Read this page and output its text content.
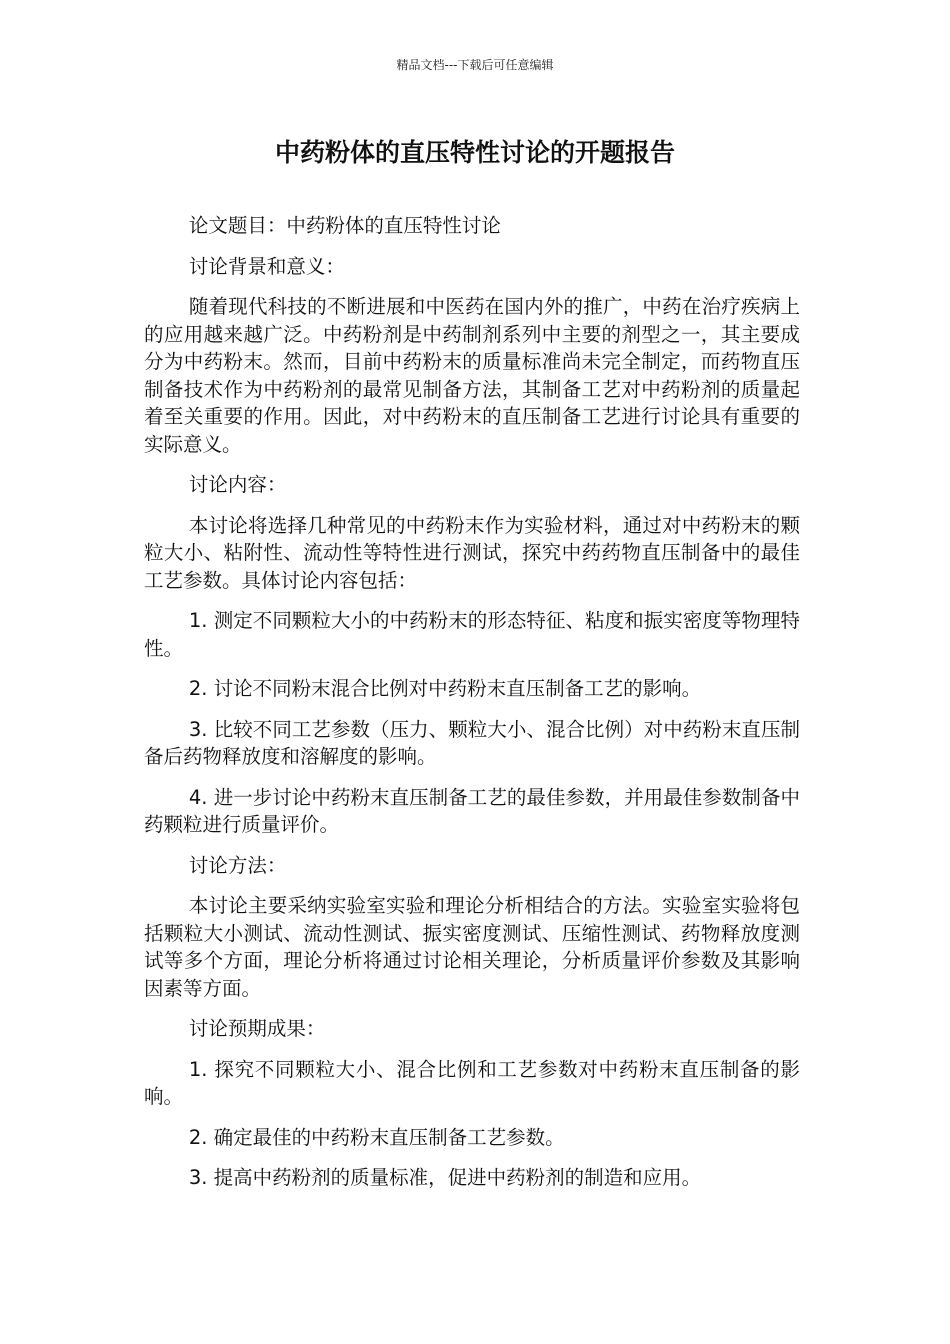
精品文档---下载后可任意编辑
中药粉体的直压特性讨论的开题报告

论文题目：中药粉体的直压特性讨论

讨论背景和意义：

随着现代科技的不断进展和中医药在国内外的推广，中药在治疗疾病上的应用越来越广泛。中药粉剂是中药制剂系列中主要的剂型之一，其主要成分为中药粉末。然而，目前中药粉末的质量标准尚未完全制定，而药物直压制备技术作为中药粉剂的最常见制备方法，其制备工艺对中药粉剂的质量起着至关重要的作用。因此，对中药粉末的直压制备工艺进行讨论具有重要的实际意义。

讨论内容：

本讨论将选择几种常见的中药粉末作为实验材料，通过对中药粉末的颗粒大小、粘附性、流动性等特性进行测试，探究中药药物直压制备中的最佳工艺参数。具体讨论内容包括：

1. 测定不同颗粒大小的中药粉末的形态特征、粘度和振实密度等物理特性。

2. 讨论不同粉末混合比例对中药粉末直压制备工艺的影响。

3. 比较不同工艺参数（压力、颗粒大小、混合比例）对中药粉末直压制备后药物释放度和溶解度的影响。

4. 进一步讨论中药粉末直压制备工艺的最佳参数，并用最佳参数制备中药颗粒进行质量评价。

讨论方法：

本讨论主要采纳实验室实验和理论分析相结合的方法。实验室实验将包括颗粒大小测试、流动性测试、振实密度测试、压缩性测试、药物释放度测试等多个方面，理论分析将通过讨论相关理论，分析质量评价参数及其影响因素等方面。

讨论预期成果：

1. 探究不同颗粒大小、混合比例和工艺参数对中药粉末直压制备的影响。

2. 确定最佳的中药粉末直压制备工艺参数。

3. 提高中药粉剂的质量标准，促进中药粉剂的制造和应用。
